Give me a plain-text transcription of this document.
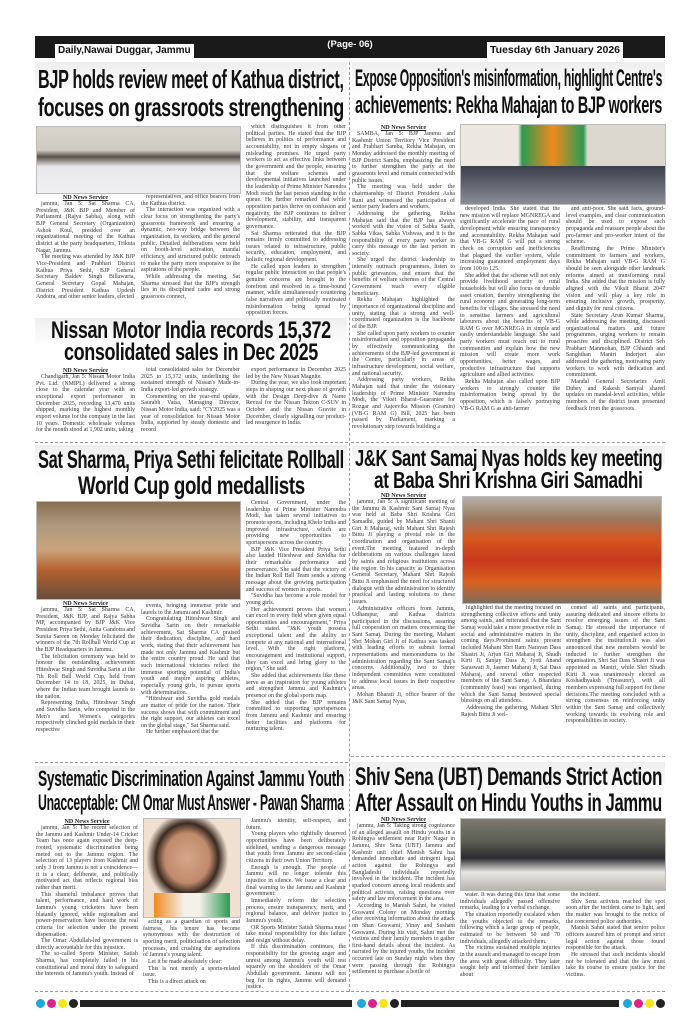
Daily,Nawai Duggar, Jammu
(Page- 06)	Tuesday 6th January 2026
BJP holds review meet of Kathua district,
focuses on grassroots strengthening
ND News Service

jammu, Jan 5: Sat Sharma CA, President, J&K BJP and Member of Parliament (Rajya Sabha), along with BJP General Secretary (Organization) Ashok Koul, presided over an organizational meeting of the Kathua district at the party headquarters, Trikuta Nagar, Jammu.

The meeting was attended by J&K BJP Vice-President and Prabhari District Kathua Priya Sethi, BJP General Secretary Baldev Singh Billawaria, General Secretary Gopal Mahajan, District President Kathua Updesh Andotra, and other senior leaders, elected

representatives, and office bearers from the Kathua district.

The interaction was organized with a clear focus on strengthening the party's grassroots framework and ensuring a dynamic, two-way bridge between the organization, its workers, and the general public. Detailed deliberations were held on booth-level activation, mandal efficiency, and structured public outreach to make the party more responsive to the aspirations of the people.

While addressing the meeting, Sat Sharma stressed that the BJP's strength lies in its disciplined cadre and strong grassroots connect,

which distinguishes it from other political parties. He stated that the BJP believes in politics of performance and accountability, not in empty slogans or misleading promises. He urged party workers to act as effective links between the government and the people, ensuring that the welfare schemes and developmental initiatives launched under the leadership of Prime Minister Narendra Modi reach the last person standing in the queue. He further remarked that while opposition parties thrive on confusion and negativity, the BJP continues to deliver development, stability, and transparent governance.

Sat Sharma reiterated that the BJP remains firmly committed to addressing issues related to infrastructure, public security, education, employment, and holistic regional development.

He called upon leaders to strengthen regular public interaction so that people's genuine concerns are brought to the forefront and resolved in a time-bound manner, while simultaneously countering false narratives and politically motivated misinformation being spread by opposition forces.

Nissan Motor India records 15,372
consolidated sales in Dec 2025
ND News Service

Chandigarh, Jan 5: Nissan Motor India Pvt. Ltd. (NMIPL) delivered a strong close to the calendar year with an exceptional export performance in December 2025, recording 13,470 units shipped, marking the highest monthly export volume for the company in the last 10 years. Domestic wholesale volumes for the month stood at 1,902 units, taking

total consolidated sales for December 2025 to 15,372 units, underlining the sustained strength of Nissan's Made-in-India export-led growth strategy.

Commenting on the year-end update, Saurabh Vatsa, Managing Director, Nissan Motor India, said: "CY2025 was a year of consolidation for Nissan Motor India, supported by steady domestic and record

export performance in December 2025 led by the New Nissan Magnite.

During the year, we also took important steps in shaping our next phase of growth with the Design Deep-dive & Name Reveal for the Nissan Tekton C-SUV in October and the Nissan Gravite in December, clearly signalling our product-led resurgence in India.

Expose Opposition's misinformation, highlight Centre's
achievements: Rekha Mahajan to BJP workers
ND News Service

SAMBA, Jan 5: BJP Jammu and Kashmir Union Territory Vice President and Prabhari Samba, Rekha Mahajan, on Monday addressed the monthly meeting of BJP District Samba, emphasizing the need to further strengthen the party at the grassroots level and remain connected with public issues.

The meeting was held under the chairmanship of District President Asha Rani and witnessed the participation of senior party leaders and workers.

Addressing the gathering, Rekha Mahajan said that the BJP has always worked with the vision of Sabka Saath, Sabka Vikas, Sabka Vishwas, and it is the responsibility of every party worker to carry this message to the last person in society.

She urged the district leadership to intensify outreach programmes, listen to public grievances, and ensure that the benefits of welfare schemes of the Central Government reach every eligible beneficiary.

Rekha Mahajan highlighted the importance of organizational discipline and unity, stating that a strong and well-coordinated organization is the backbone of the BJP.

She called upon party workers to counter misinformation and opposition propaganda by effectively communicating the achievements of the BJP-led government at the Centre, particularly in areas of infrastructure development, social welfare, and national security.

Addressing party workers, Rekha Mahajan said that under the visionary leadership of Prime Minister Narendra Modi, the Viksit Bharat–Guarantee for Rozgar and Aajeevika Mission (Gramin) (VB-G RAM G) Bill, 2025 has been passed by Parliament, marking a revolutionary step towards building a

developed India. She stated that the new mission will replace MGNREGA and significantly accelerate the pace of rural development while ensuring transparency and accountability. Rekha Mahajan said that VB-G RAM G will put a strong check on corruption and inefficiencies that plagued the earlier system, while increasing guaranteed employment days from 100 to 125.

She added that the scheme will not only provide livelihood security to rural households but will also focus on durable asset creation, thereby strengthening the rural economy and generating long-term benefits for villages. She stressed the need to sensitise farmers and agricultural labourers about the benefits of VB-G RAM G over MGNREGA in simple and easily understandable language. She said party workers must reach out to rural communities and explain how the new mission will create more work opportunities, better wages, and productive infrastructure that supports agriculture and allied activities.

Rekha Mahajan also called upon BJP workers to strongly counter the misinformation being spread by the opposition, which is falsely portraying VB-G RAM G as anti-farmer

and anti-poor. She said facts, ground-level examples, and clear communication should be used to expose such propaganda and reassure people about the pro-farmer and pro-worker intent of the scheme.

Reaffirming the Prime Minister's commitment to farmers and workers, Rekha Mahajan said VB-G RAM G should be seen alongside other landmark reforms aimed at transforming rural India. She added that the mission is fully aligned with the Viksit Bharat 2047 vision and will play a key role in ensuring inclusive growth, prosperity, and dignity for rural citizens.

State Secretary Arun Kumar Sharma, while addressing the meeting, discussed organizational matters and future programmes, urging workers to remain proactive and disciplined. District Seh Prabhari Manmohan, BJP Chhamb and Sanghthan Mantri Inderjeet also addressed the gathering, motivating party workers to work with dedication and commitment.

Mandal General Secretaries Amit Dubey and Rakesh Samyal shared updates on mandal-level activities, while members of the district team presented feedback from the grassroots.

Sat Sharma, Priya Sethi felicitate Rollball
World Cup gold medallists
ND News Service

jammu, Jan 5: Sat Sharma CA, President, J&K BJP, and Rajya Sabha MP, accompanied by BJP J&K Vice President Priya Sethi, Anita Gandotra and Sunita Sareen on Monday felicitated the winners of the 7th Rollball World Cup at the BJP Headquarters in Jammu.

The felicitation ceremony was held to honour the outstanding achievement Hiteshwar Singh and Suvidha Sarin at the 7th Roll Ball World Cup, held from December 14 to 18, 2025, in Dubai, where the Indian team brought laurels to the nation.

Representing India, Hiteshwar Singh and Suvidha Sarin, who competed in the Men's and Women's categories respectively clinched gold medals in their respective

events, bringing immense pride and laurels to the Jammu and Kashmir.

Congratulating Hiteshwar Singh and Suvidha Sarin on their remarkable achievement, Sat Sharma CA praised their dedication, discipline, and hard work, stating that their achievement has made not only Jammu and Kashmir but the entire country proud. He said that such international victories reflect the immense sporting potential of India's youth and inspire aspiring athletes, especially young girls, to pursue sports with determination.

"Hiteshwar and Suvidha gold medals are matter of pride for the nation. Their success shows that with commitment and the right support, our athletes can excel on the global stage," Sat Sharma said.

He further emphasized that the

Central Government, under the leadership of Prime Minister Narendra Modi, has taken several initiatives to promote sports, including Khelo India and improved infrastructure, which are providing new opportunities to sportspersons across the country.

BJP J&K Vice President Priya Sethi also lauded Hiteshwar and Suvidha for their remarkable performance and perseverance. She said that the victory of the Indian Roll Ball Team sends a strong message about the growing participation and success of women in sports.

"Suvidha has become a role model for young girls.

Her achievement proves that women can excel in every field when given equal opportunities and encouragement," Priya Sethi stated. "J&K youth possess exceptional talent and the ability to compete at any national and international level. With the right platform, encouragement and institutional support, they can excel and bring glory to the region," She said.

She added that achievements like these serve as an inspiration for young athletes and strengthen Jammu and Kashmir's presence on the global sports map.

She added that the BJP remains committed to supporting sportspersons from Jammu and Kashmir and ensuring better facilities and platforms for nurturing talent.

J&K Sant Samaj Nyas holds key meeting
at Baba Shri Krishna Giri Samadhi
ND News Service

jammu, Jan 5: A significant meeting of the Jammu & Kashmir Sant Samaj Nyas was held at Baba Shri Krishna Giri Samadhi, guided by Mahant Shri Shanti Giri Ji Maharaj, with Mahant Shri Rajesh Bittu Ji playing a pivotal role in the coordination and organisation of the event.The meeting featured in-depth deliberations on various challenges faced by saints and religious institutions across the region. In his capacity as Organisation General Secretary, Mahant Shri Rajesh Bittu Ji emphasised the need for structured dialogue with the administration to identify practical and lasting solutions to these issues.

Administrative officers from Jammu, Udhampur, and Kathua districts participated in the discussions, assuring full cooperation on matters concerning the Sant Samaj. During the meeting, Mahant Shri Mohan Giri Ji of Kathua was tasked with leading efforts to submit formal representations and memorandums to the administration regarding the Sant Samaj's concerns. Additionally, two to three independent committees were constituted to address local issues in their respective areas.

Mohan Bharati Ji, office bearer of the J&K Sant Samaj Nyas,

highlighted that the meeting focused on strengthening collective efforts and unity among saints, and reiterated that the Sant Samaj would take a more proactive role in social and administrative matters in the coming days.Prominent saints present included Mahant Shri Ram Narayan Dass Shastri Ji, Arjun Giri Maharaj Ji, Shudh Kirti Ji, Sanjay Dass Ji, Jyoti Anand Saraswati Ji, Jasmer Maharaj Ji, Sai Dass Maharaj, and several other respected members of the Sant Samaj. A Bhandara (community feast) was organised, during which the Sant Samaj bestowed special blessings on all attendees.

Addressing the gathering, Mahant Shri Rajesh Bittu Ji wel-

comed all saints and participants, assuring dedicated and sincere efforts to resolve emerging issues of the Sant Samaj. He stressed the importance of unity, discipline, and organised action to strengthen the institution.It was also announced that new members would be inducted to further strengthen the organisation. Shri Sai Dass Shastri Ji was appointed as Mantri, while Shri Shudh Kirti Ji was unanimously elected as Koshadhyaksh (Treasurer), with all members expressing full support for these decisions.The meeting concluded with a strong consensus on reinforcing unity within the Sant Samaj and collectively working towards its evolving role and responsibilities in society.

Systematic Discrimination Against Jammu Youth
Unacceptable: CM Omar Must Answer - Pawan Sharma
ND News Service

jammu, Jan 5: The recent selection of the Jammu and Kashmir Under-14 Cricket Team has once again exposed the deep-rooted, systematic discrimination being meted out to the Jammu region. The selection of 13 players from Kashmir and only 3 from Jammu is not a coincidence—it is a clear, deliberate, and politically motivated act that reflects regional bias rather than merit.

This shameful imbalance proves that talent, performance, and hard work of Jammu's young cricketers have been blatantly ignored, while regionalism and power-preservation have become the real criteria for selection under the present dispensation.

The Omar Abdullah-led government is directly accountable for this injustice.

The so-called Sports Minister, Satish Sharma, has completely failed in his constitutional and moral duty to safeguard the interests of Jammu's youth. Instead of

acting as a guardian of sports and fairness, his tenure has become synonymous with the destruction of sporting merit, politicisation of selection processes, and crushing the aspirations of Jammu's young talent.

Let it be made absolutely clear:

This is not merely a sports-related issue.

This is a direct attack on

Jammu's identity, self-respect, and future.

Young players who rightfully deserved opportunities have been deliberately sidelined, sending a dangerous message that youth from Jammu are second-class citizens in their own Union Territory.

Enough is enough. The people of Jammu will no longer tolerate this injustice in silence. We issue a clear and final warning to the Jammu and Kashmir government:

Immediately reform the selection process, ensure transparency, merit, and regional balance, and deliver justice to Jammu's youth;

OR Sports Minister Satish Sharma must take moral responsibility for this failure and resign without delay.

If this discrimination continues, the responsibility for the growing anger and unrest among Jammu's youth will rest squarely on the shoulders of the Omar Abdullah government. Jammu will not beg for its rights, Jammu will demand justice.

Shiv Sena (UBT) Demands Strict Action
After Assault on Hindu Youths in Jammu
ND News Service

jammu, Jan 5: Taking strong cognizance of an alleged assault on Hindu youths in a Rohingya settlement near Rajiv Nagar in Jammu, Shiv Sena (UBT) Jammu and Kashmir unit chief Manish Sahni has demanded immediate and stringent legal action against the Rohingya and Bangladeshi individuals reportedly involved in the incident. The incident has sparked concern among local residents and political activists, raising questions over safety and law enforcement in the area.

According to Manish Sahni, he visited Goswami Colony on Monday morning after receiving information about the attack on Shan Goswami, Vinay and Sushant Goswami. During his visit, Sahni met the victims and their family members to gather first-hand details about the incident. As narrated by the injured youths, the incident occurred late on Sunday night when they were passing through the Rohingya settlement to purchase a bottle of

water. It was during this time that some individuals allegedly passed offensive remarks, leading to a verbal exchange.

The situation reportedly escalated when the youths objected to the remarks, following which a large group of people, estimated to be between 50 and 70 individuals, allegedly attacked them.

The victims sustained multiple injuries in the assault and managed to escape from the area with great difficulty. They later sought help and informed their families about

the incident.

Shiv Sena activists reached the spot soon after the incident came to light, and the matter was brought to the notice of the concerned police authorities.

Manish Sahni stated that senior police officers assured him of prompt and strict legal action against those found responsible for the attack.

He stressed that such incidents should not be tolerated and that the law must take its course to ensure justice for the victims.
